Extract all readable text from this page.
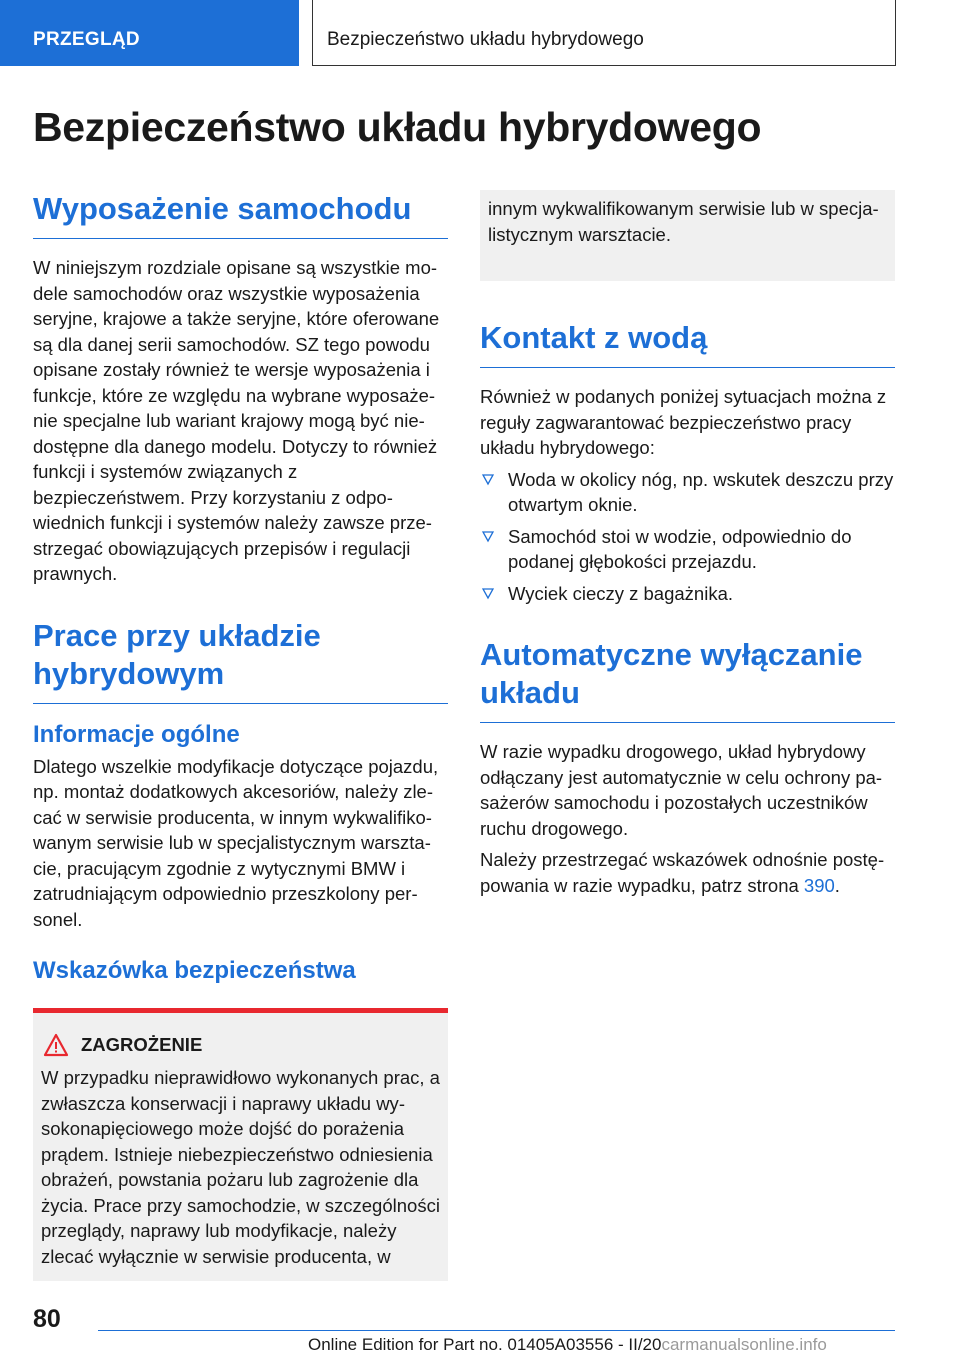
PRZEGLĄD	Bezpieczeństwo układu hybrydowego
Bezpieczeństwo układu hybrydowego
Wyposażenie samochodu

W niniejszym rozdziale opisane są wszystkie modele samochodów oraz wszystkie wyposażenia seryjne, krajowe a także seryjne, które oferowane są dla danej serii samochodów. SZ tego powodu opisane zostały również te wersje wyposażenia i funkcje, które ze względu na wybrane wyposażenie specjalne lub wariant krajowy mogą być niedostępne dla danego modelu. Dotyczy to również funkcji i systemów związanych z bezpieczeństwem. Przy korzystaniu z odpowiednich funkcji i systemów należy zawsze przestrzegać obowiązujących przepisów i regulacji prawnych.

Prace przy układzie hybrydowym
Informacje ogólne

Dlatego wszelkie modyfikacje dotyczące pojazdu, np. montaż dodatkowych akcesoriów, należy zlecać w serwisie producenta, w innym wykwalifikowanym serwisie lub w specjalistycznym warsztacie, pracującym zgodnie z wytycznymi BMW i zatrudniającym odpowiednio przeszkolony personel.

Wskazówka bezpieczeństwa
ZAGROŻENIE

W przypadku nieprawidłowo wykonanych prac, a zwłaszcza konserwacji i naprawy układu wysokonapięciowego może dojść do porażenia prądem. Istnieje niebezpieczeństwo odniesienia obrażeń, powstania pożaru lub zagrożenie dla życia. Prace przy samochodzie, w szczególności przeglądy, naprawy lub modyfikacje, należy zlecać wyłącznie w serwisie producenta, w

innym wykwalifikowanym serwisie lub w specjalistycznym warsztacie.

Kontakt z wodą

Również w podanych poniżej sytuacjach można z reguły zagwarantować bezpieczeństwo pracy układu hybrydowego:

Woda w okolicy nóg, np. wskutek deszczu przy otwartym oknie.
Samochód stoi w wodzie, odpowiednio do podanej głębokości przejazdu.
Wyciek cieczy z bagażnika.
Automatyczne wyłączanie układu

W razie wypadku drogowego, układ hybrydowy odłączany jest automatycznie w celu ochrony pasażerów samochodu i pozostałych uczestników ruchu drogowego.

Należy przestrzegać wskazówek odnośnie postępowania w razie wypadku, patrz strona 390.

80
Online Edition for Part no. 01405A03556 - II/20carmanualsonline.info
